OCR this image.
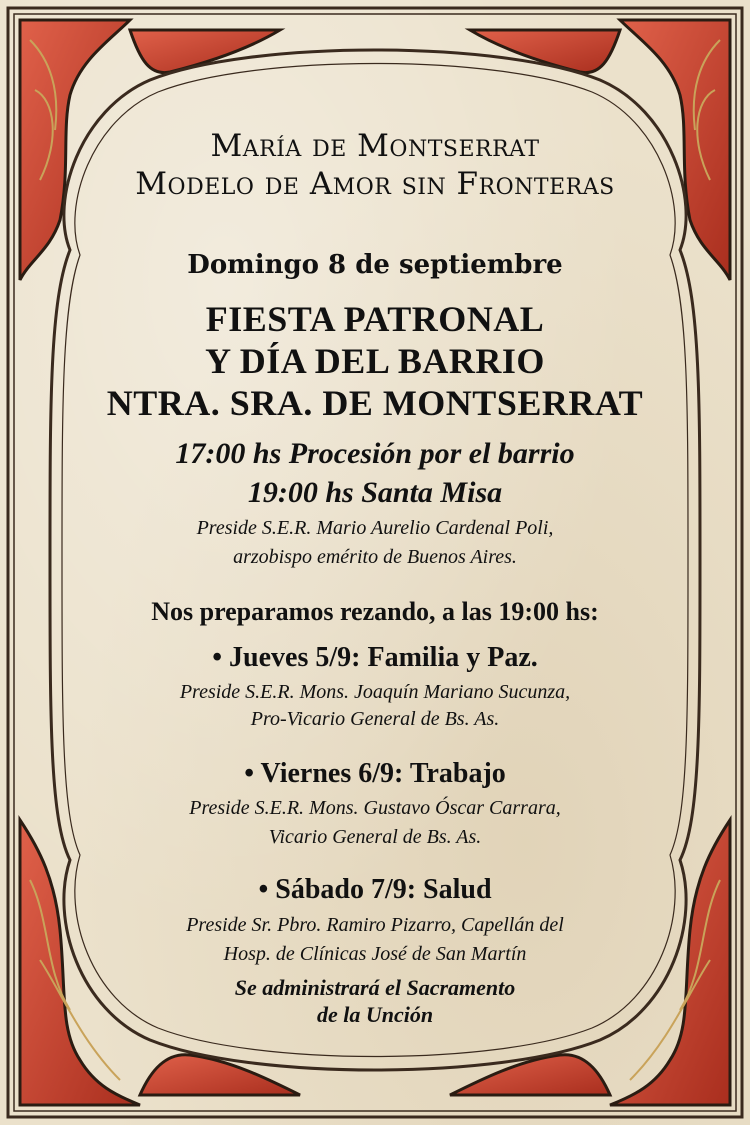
María de Montserrat
Modelo de Amor sin Fronteras
Domingo 8 de septiembre
FIESTA PATRONAL
Y DÍA DEL BARRIO
NTRA. SRA. DE MONTSERRAT
17:00 hs Procesión por el barrio
19:00 hs Santa Misa
Preside S.E.R. Mario Aurelio Cardenal Poli,
arzobispo emérito de Buenos Aires.
Nos preparamos rezando, a las 19:00 hs:
• Jueves 5/9: Familia y Paz.
Preside S.E.R. Mons. Joaquín Mariano Sucunza,
Pro-Vicario General de Bs. As.
• Viernes 6/9: Trabajo
Preside S.E.R. Mons. Gustavo Óscar Carrara,
Vicario General de Bs. As.
• Sábado 7/9: Salud
Preside Sr. Pbro. Ramiro Pizarro, Capellán del
Hosp. de Clínicas José de San Martín
Se administrará el Sacramento
de la Unción
